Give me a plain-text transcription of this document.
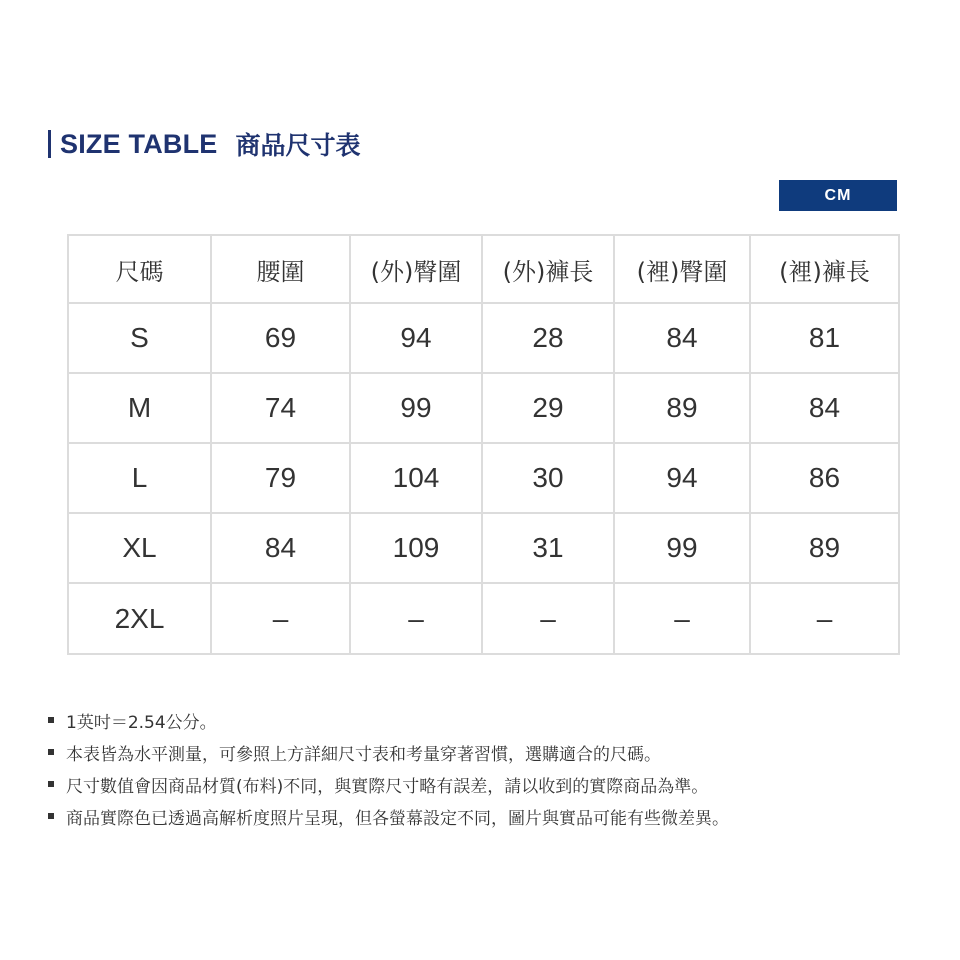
SIZE TABLE 商品尺寸表
CM
尺碼	腰圍	(外)臀圍	(外)褲長	(裡)臀圍	(裡)褲長
S	69	94	28	84	81
M	74	99	29	89	84
L	79	104	30	94	86
XL	84	109	31	99	89
2XL	–	–	–	–	–
1英吋＝2.54公分。
本表皆為水平測量，可參照上方詳細尺寸表和考量穿著習慣，選購適合的尺碼。
尺寸數值會因商品材質(布料)不同，與實際尺寸略有誤差，請以收到的實際商品為準。
商品實際色已透過高解析度照片呈現，但各螢幕設定不同，圖片與實品可能有些微差異。
